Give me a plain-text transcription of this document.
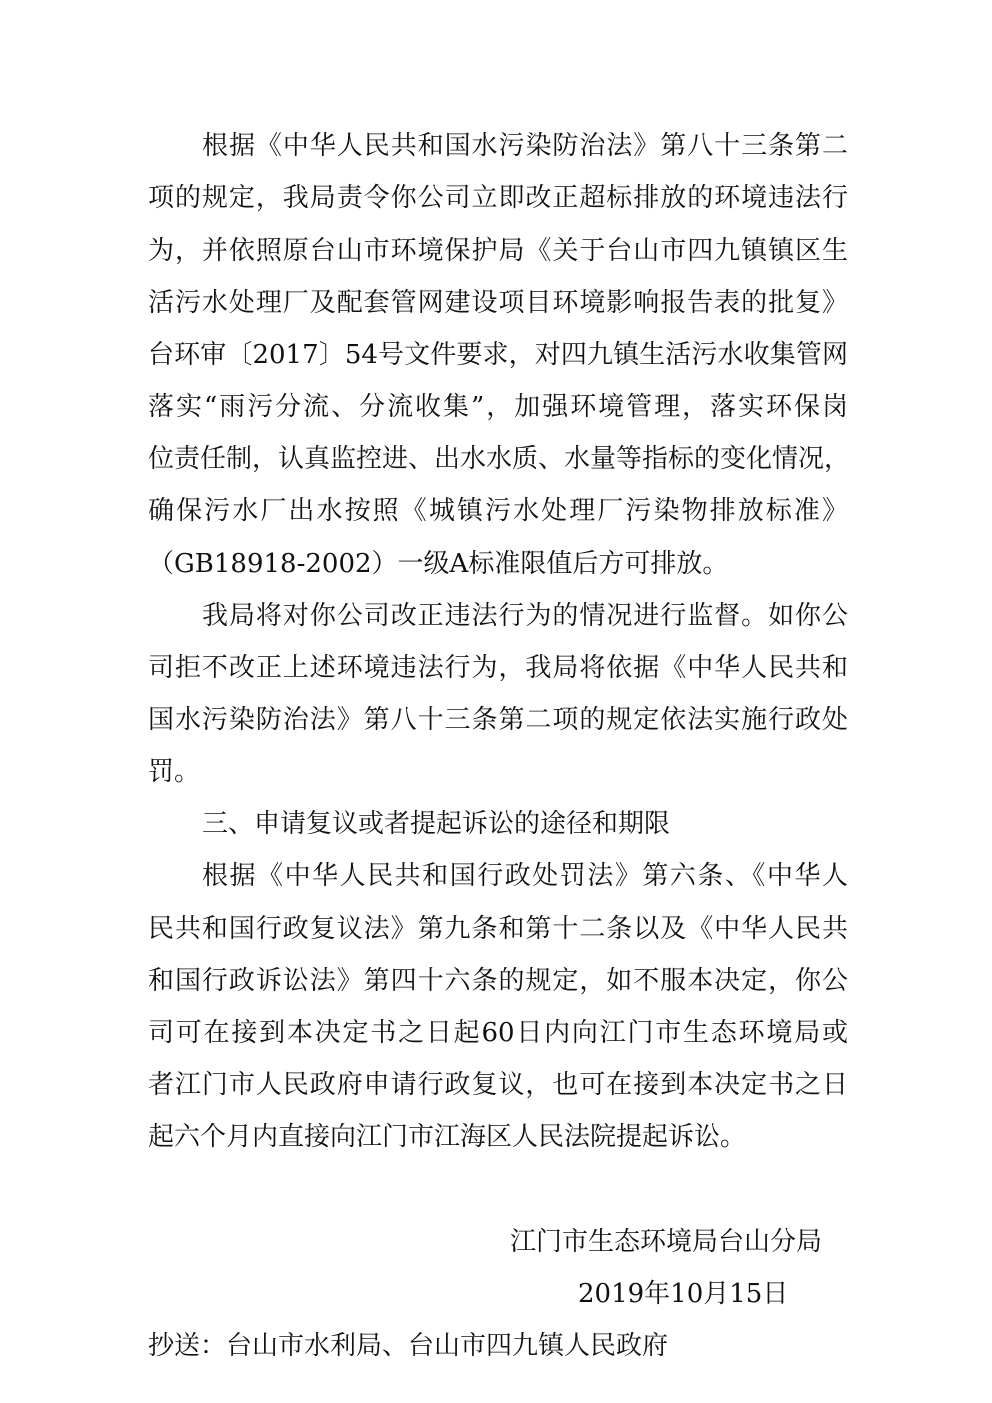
根据《中华人民共和国水污染防治法》第八十三条第二
项的规定，我局责令你公司立即改正超标排放的环境违法行
为，并依照原台山市环境保护局《关于台山市四九镇镇区生
活污水处理厂及配套管网建设项目环境影响报告表的批复》
台环审〔2017〕54号文件要求，对四九镇生活污水收集管网
落实“雨污分流、分流收集”，加强环境管理，落实环保岗
位责任制，认真监控进、出水水质、水量等指标的变化情况，
确保污水厂出水按照《城镇污水处理厂污染物排放标准》
（GB18918-2002）一级A标准限值后方可排放。
我局将对你公司改正违法行为的情况进行监督。如你公
司拒不改正上述环境违法行为，我局将依据《中华人民共和
国水污染防治法》第八十三条第二项的规定依法实施行政处
罚。
三、申请复议或者提起诉讼的途径和期限
根据《中华人民共和国行政处罚法》第六条、《中华人
民共和国行政复议法》第九条和第十二条以及《中华人民共
和国行政诉讼法》第四十六条的规定，如不服本决定，你公
司可在接到本决定书之日起60日内向江门市生态环境局或
者江门市人民政府申请行政复议，也可在接到本决定书之日
起六个月内直接向江门市江海区人民法院提起诉讼。
江门市生态环境局台山分局
2019年10月15日
抄送：台山市水利局、台山市四九镇人民政府
